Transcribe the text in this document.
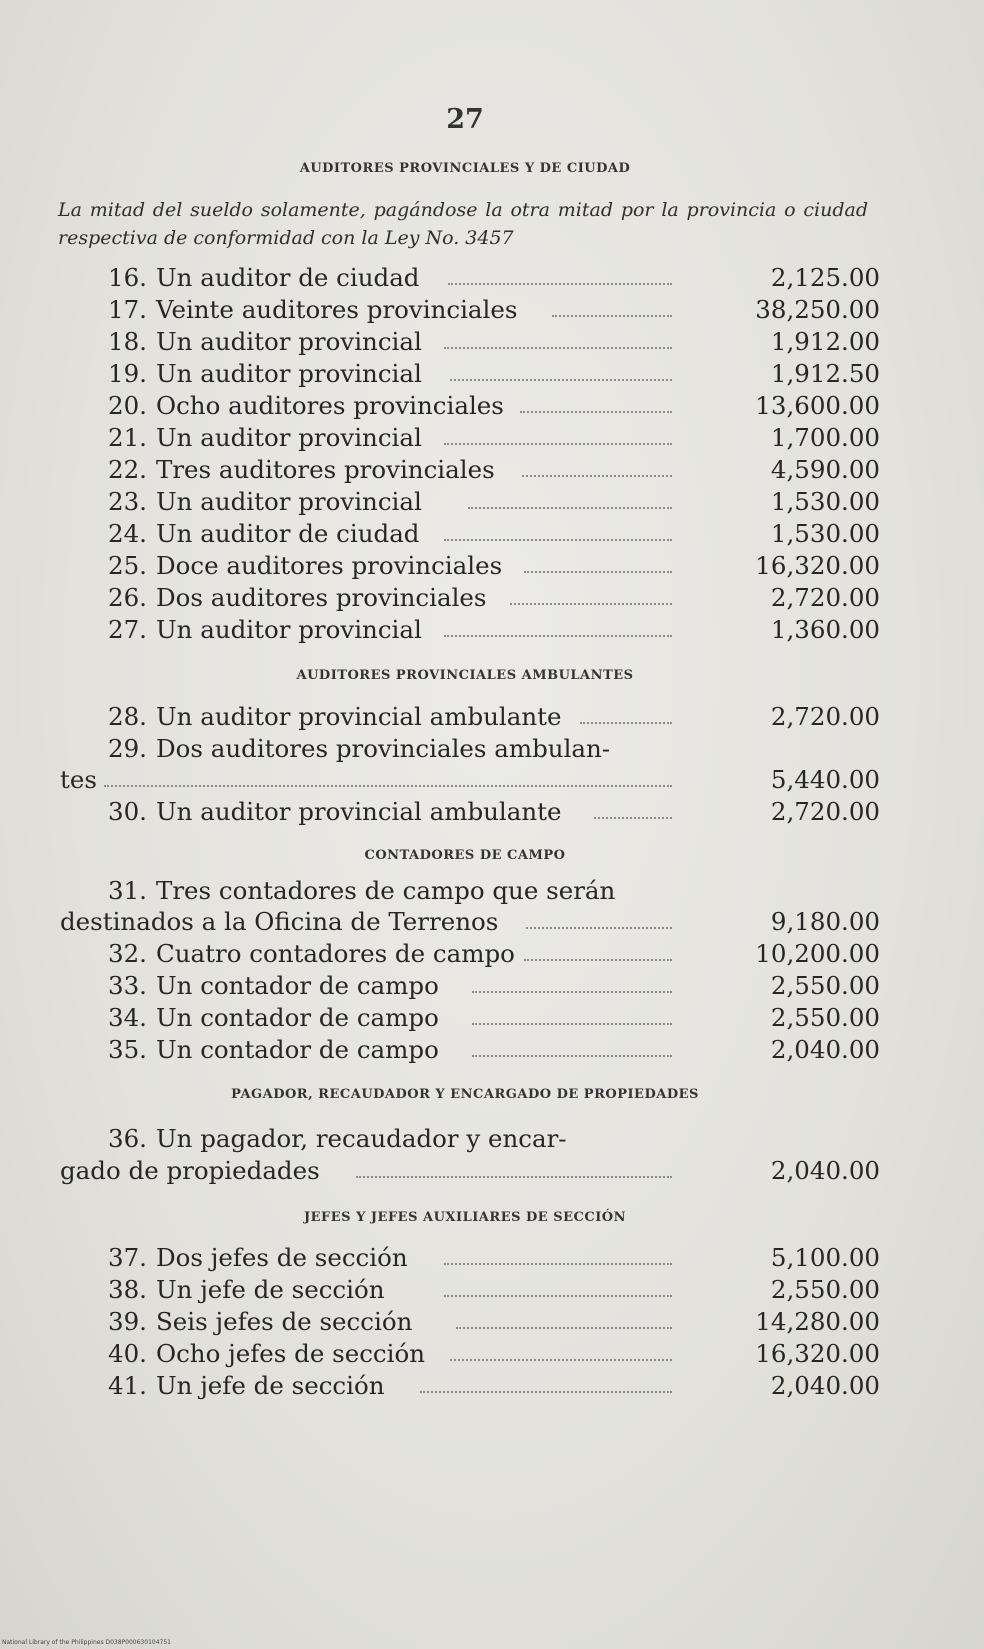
27
AUDITORES PROVINCIALES Y DE CIUDAD
La mitad del sueldo solamente, pagándose la otra mitad por la provincia o ciudad respectiva de conformidad con la Ley No. 3457
16. Un auditor de ciudad	2,125.00
17. Veinte auditores provinciales	38,250.00
18. Un auditor provincial	1,912.00
19. Un auditor provincial	1,912.50
20. Ocho auditores provinciales	13,600.00
21. Un auditor provincial	1,700.00
22. Tres auditores provinciales	4,590.00
23. Un auditor provincial	1,530.00
24. Un auditor de ciudad	1,530.00
25. Doce auditores provinciales	16,320.00
26. Dos auditores provinciales	2,720.00
27. Un auditor provincial	1,360.00
AUDITORES PROVINCIALES AMBULANTES
28. Un auditor provincial ambulante	2,720.00
29. Dos auditores provinciales ambulan-
tes	5,440.00
30. Un auditor provincial ambulante	2,720.00
CONTADORES DE CAMPO
31. Tres contadores de campo que serán
destinados a la Oficina de Terrenos	9,180.00
32. Cuatro contadores de campo	10,200.00
33. Un contador de campo	2,550.00
34. Un contador de campo	2,550.00
35. Un contador de campo	2,040.00
PAGADOR, RECAUDADOR Y ENCARGADO DE PROPIEDADES
36. Un pagador, recaudador y encar-
gado de propiedades	2,040.00
JEFES Y JEFES AUXILIARES DE SECCIÓN
37. Dos jefes de sección	5,100.00
38. Un jefe de sección	2,550.00
39. Seis jefes de sección	14,280.00
40. Ocho jefes de sección	16,320.00
41. Un jefe de sección	2,040.00
National Library of the Philippines D038P000630104751
